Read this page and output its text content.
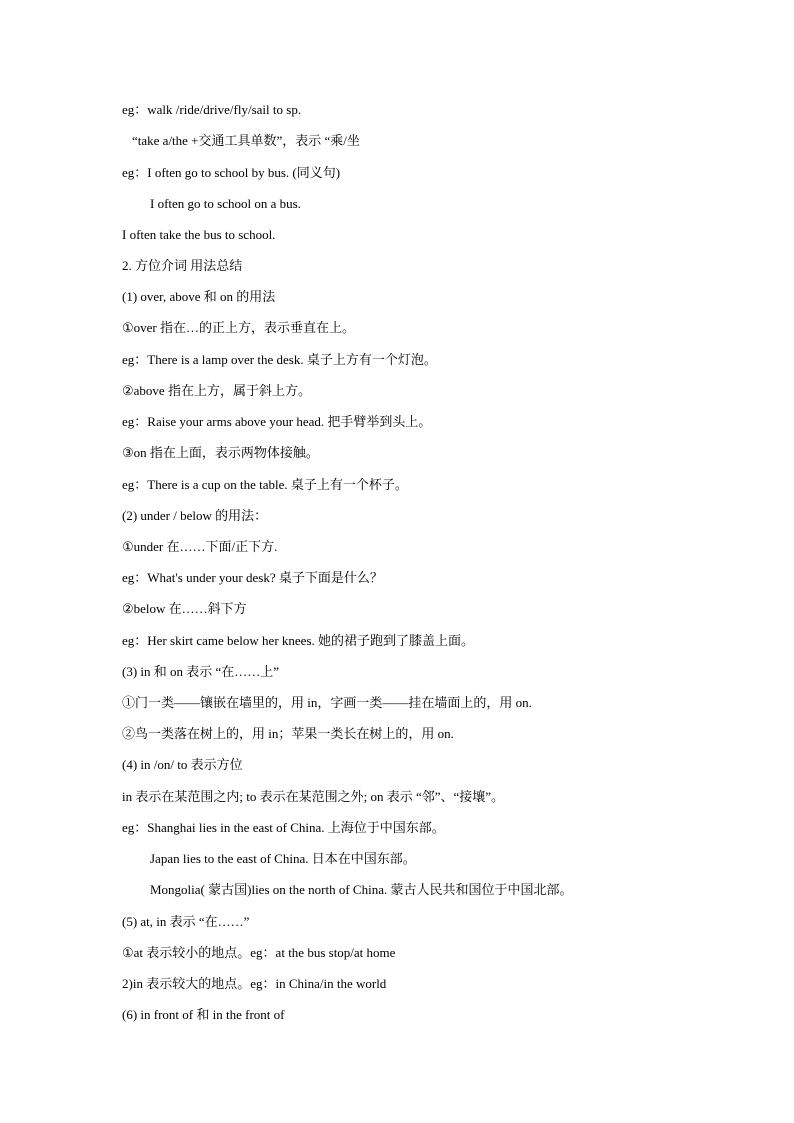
eg：walk /ride/drive/fly/sail to sp.
“take a/the +交通工具单数”，表示 “乘/坐
eg：I often go to school by bus. (同义句)
I often go to school on a bus.
I often take the bus to school.
2. 方位介词 用法总结
(1) over, above 和 on 的用法
①over 指在…的正上方，表示垂直在上。
eg：There is a lamp over the desk. 桌子上方有一个灯泡。
②above 指在上方，属于斜上方。
eg：Raise your arms above your head. 把手臂举到头上。
③on 指在上面，表示两物体接触。
eg：There is a cup on the table. 桌子上有一个杯子。
(2) under / below 的用法：
①under 在……下面/正下方.
eg：What's under your desk? 桌子下面是什么？
②below 在……斜下方
eg：Her skirt came below her knees. 她的裙子跑到了膝盖上面。
(3) in 和 on 表示 “在……上”
①门一类——镶嵌在墙里的，用 in，字画一类——挂在墙面上的，用 on.
②鸟一类落在树上的，用 in；苹果一类长在树上的，用 on.
(4) in /on/ to 表示方位
in 表示在某范围之内; to 表示在某范围之外; on 表示 “邻”、“接壤”。
eg：Shanghai lies in the east of China. 上海位于中国东部。
Japan lies to the east of China. 日本在中国东部。
Mongolia( 蒙古国)lies on the north of China. 蒙古人民共和国位于中国北部。
(5) at, in 表示 “在……”
①at 表示较小的地点。eg：at the bus stop/at home
2)in 表示较大的地点。eg：in China/in the world
(6) in front of 和 in the front of
